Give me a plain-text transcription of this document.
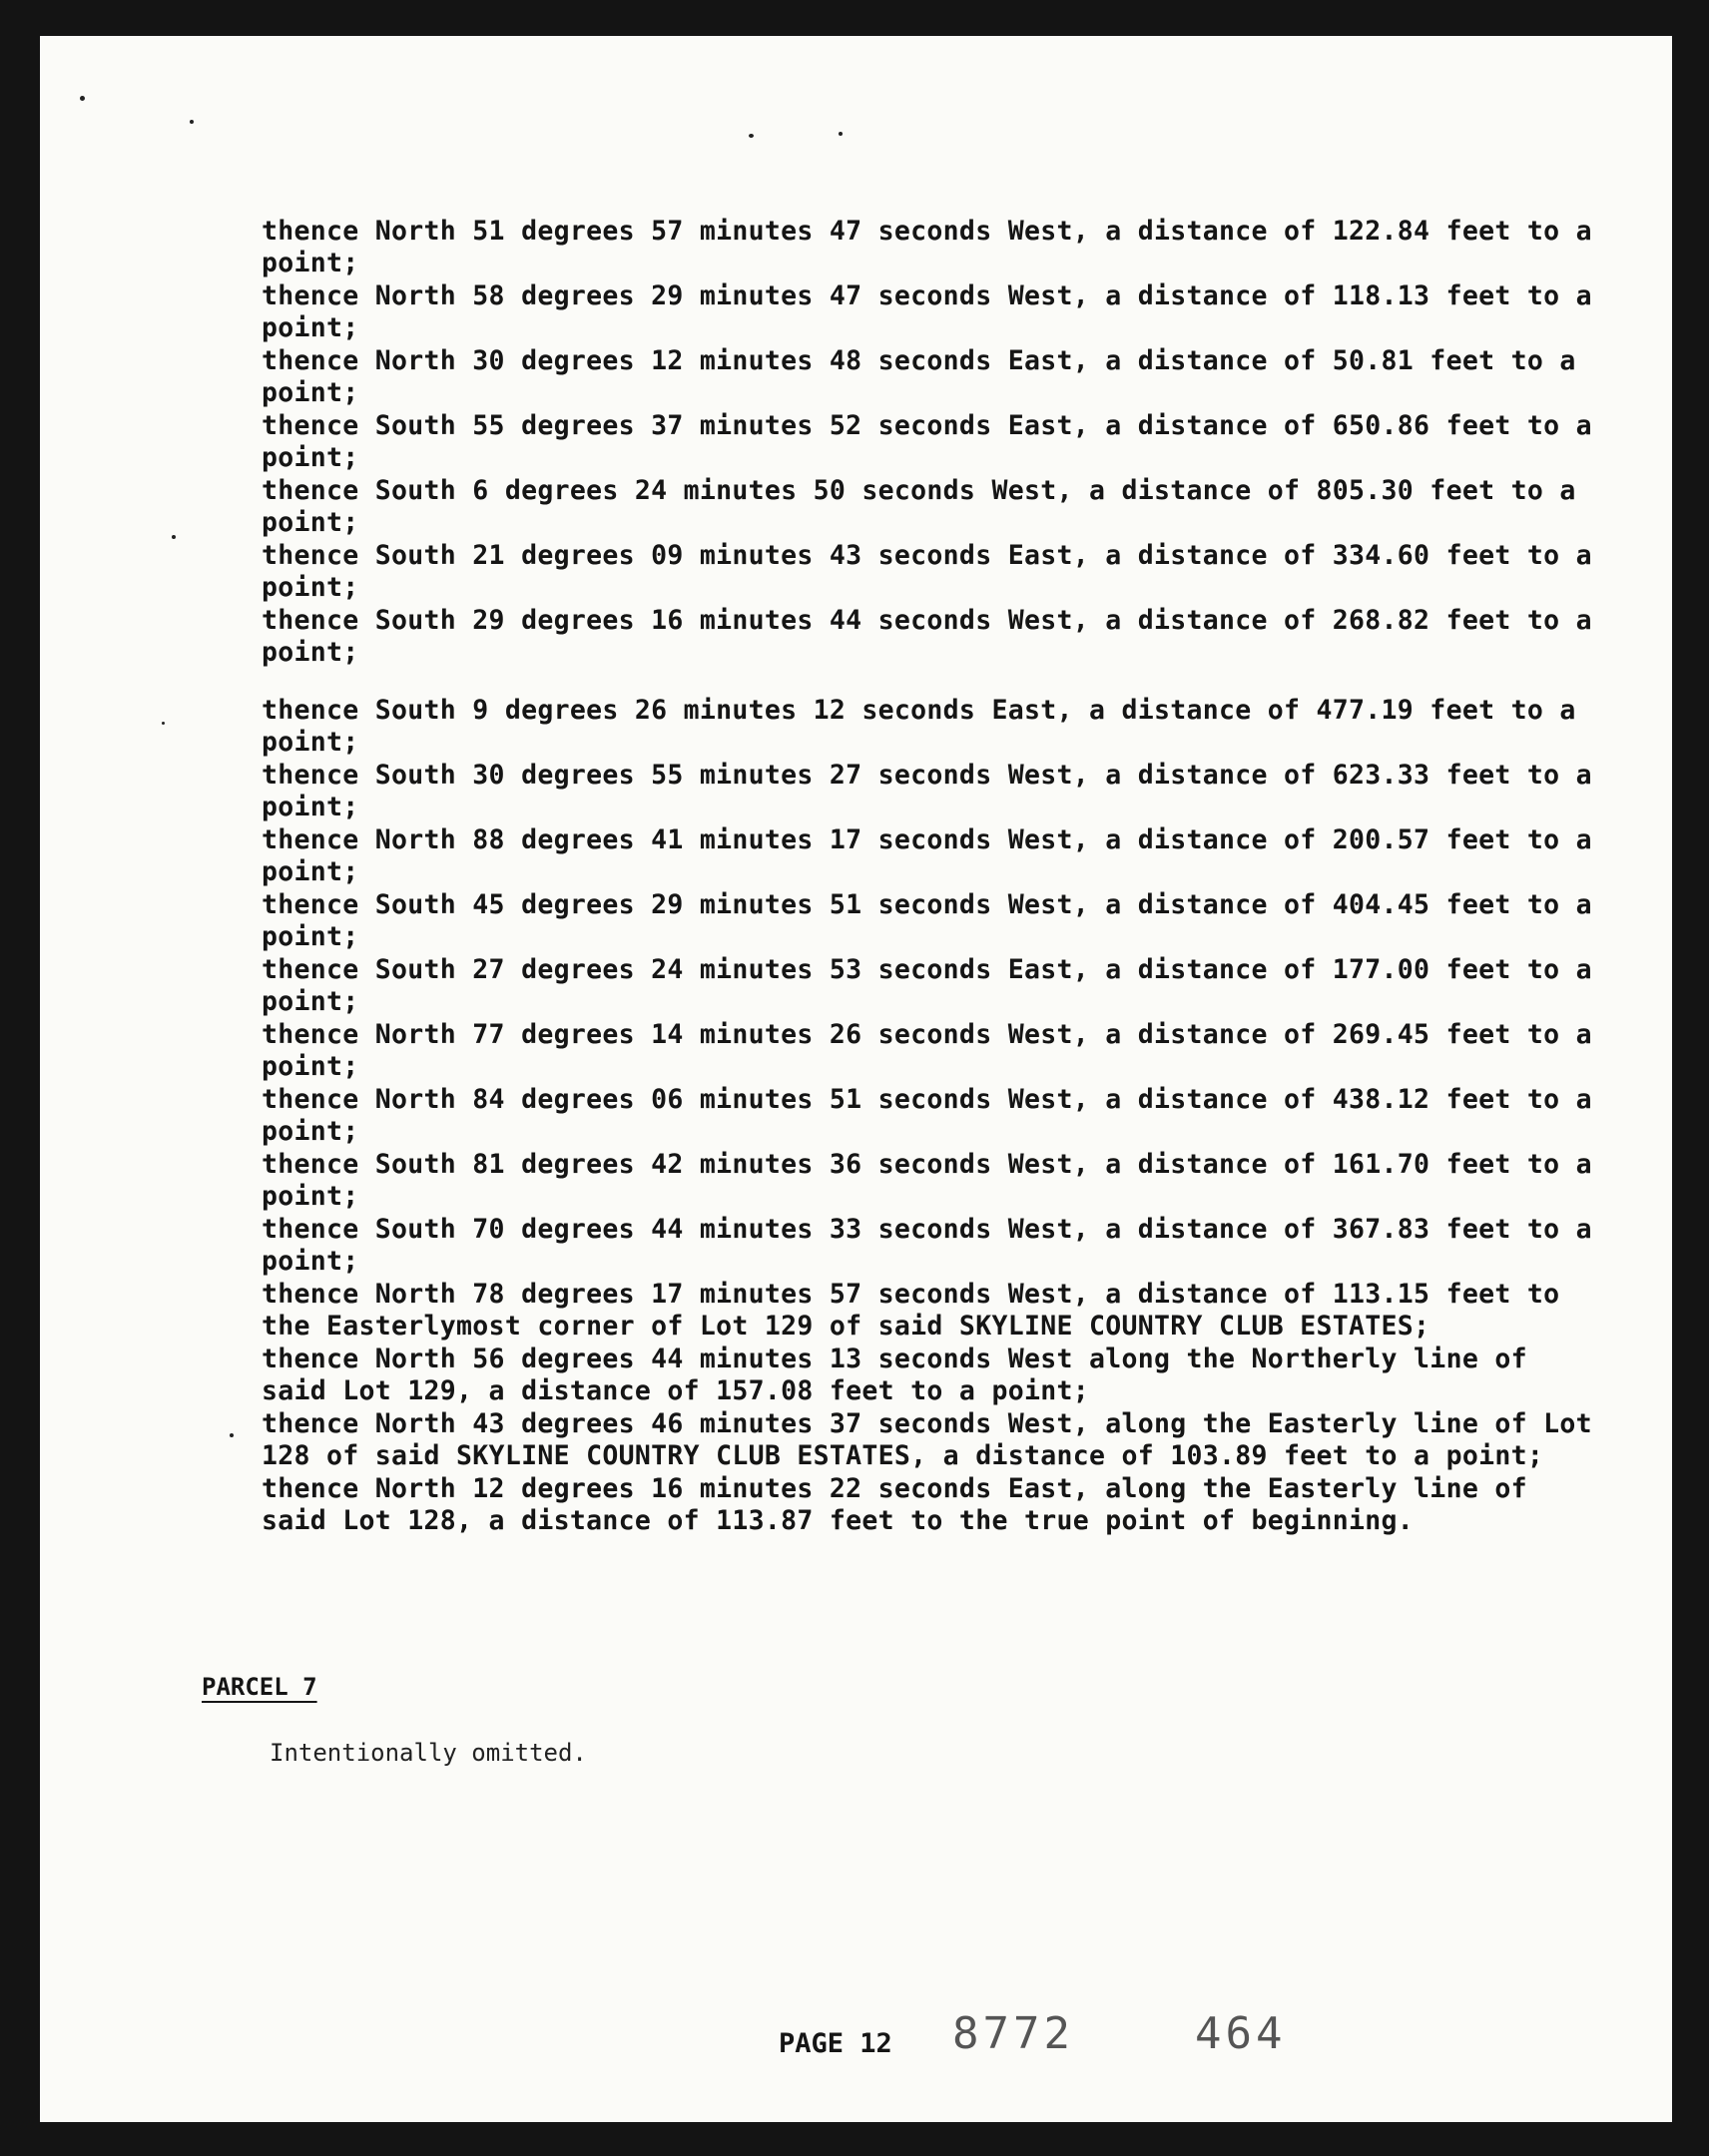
thence North 51 degrees 57 minutes 47 seconds West, a distance of 122.84 feet to a point;
thence North 58 degrees 29 minutes 47 seconds West, a distance of 118.13 feet to a point;
thence North 30 degrees 12 minutes 48 seconds East, a distance of 50.81 feet to a point;
thence South 55 degrees 37 minutes 52 seconds East, a distance of 650.86 feet to a point;
thence South 6 degrees 24 minutes 50 seconds West, a distance of 805.30 feet to a point;
thence South 21 degrees 09 minutes 43 seconds East, a distance of 334.60 feet to a point;
thence South 29 degrees 16 minutes 44 seconds West, a distance of 268.82 feet to a point;
thence South 9 degrees 26 minutes 12 seconds East, a distance of 477.19 feet to a point;
thence South 30 degrees 55 minutes 27 seconds West, a distance of 623.33 feet to a point;
thence North 88 degrees 41 minutes 17 seconds West, a distance of 200.57 feet to a point;
thence South 45 degrees 29 minutes 51 seconds West, a distance of 404.45 feet to a point;
thence South 27 degrees 24 minutes 53 seconds East, a distance of 177.00 feet to a point;
thence North 77 degrees 14 minutes 26 seconds West, a distance of 269.45 feet to a point;
thence North 84 degrees 06 minutes 51 seconds West, a distance of 438.12 feet to a point;
thence South 81 degrees 42 minutes 36 seconds West, a distance of 161.70 feet to a point;
thence South 70 degrees 44 minutes 33 seconds West, a distance of 367.83 feet to a point;
thence North 78 degrees 17 minutes 57 seconds West, a distance of 113.15 feet to the Easterlymost corner of Lot 129 of said SKYLINE COUNTRY CLUB ESTATES;
thence North 56 degrees 44 minutes 13 seconds West along the Northerly line of said Lot 129, a distance of 157.08 feet to a point;
thence North 43 degrees 46 minutes 37 seconds West, along the Easterly line of Lot 128 of said SKYLINE COUNTRY CLUB ESTATES, a distance of 103.89 feet to a point;
thence North 12 degrees 16 minutes 22 seconds East, along the Easterly line of said Lot 128, a distance of 113.87 feet to the true point of beginning.
PARCEL 7
Intentionally omitted.
PAGE 12 8772	464
